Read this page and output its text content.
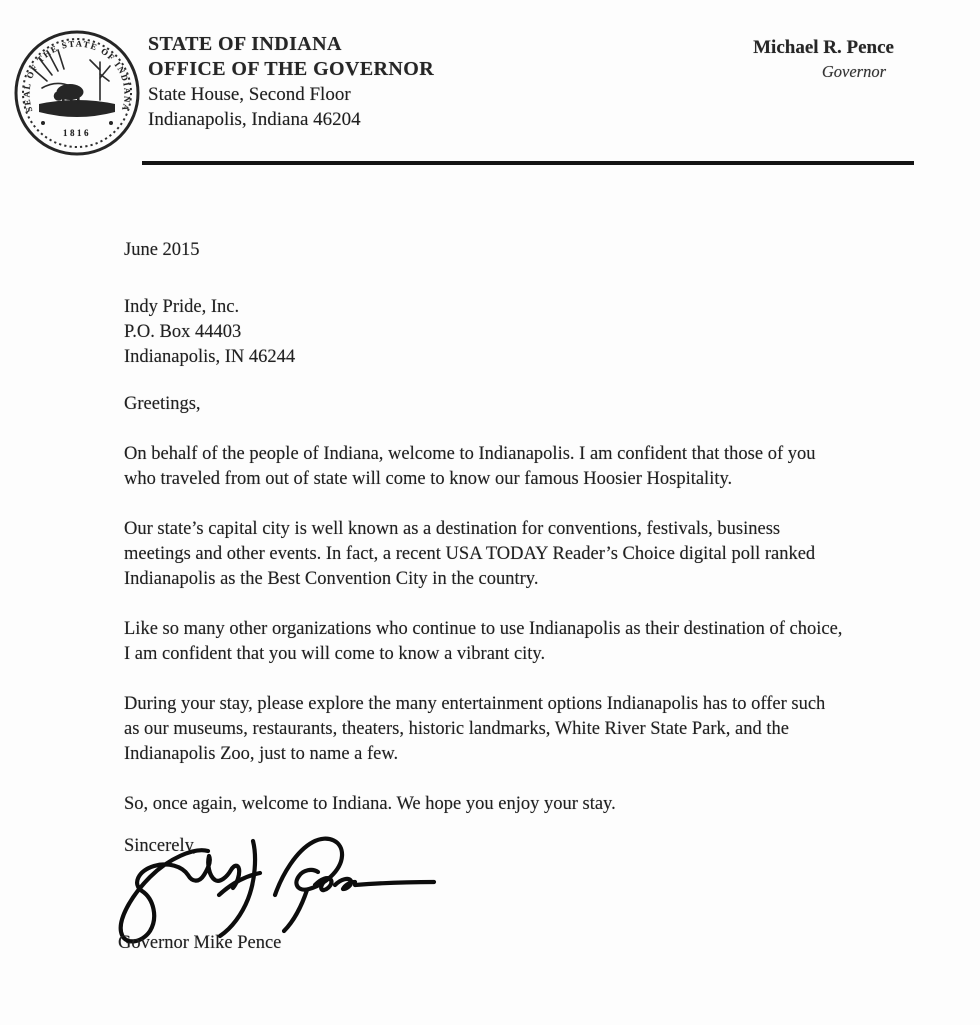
SEAL OF THE STATE OF INDIANA
1816
STATE OF INDIANA
OFFICE OF THE GOVERNOR
State House, Second Floor
Indianapolis, Indiana 46204
Michael R. Pence
Governor
June 2015
Indy Pride, Inc.
P.O. Box 44403
Indianapolis, IN 46244
Greetings,
On behalf of the people of Indiana, welcome to Indianapolis. I am confident that those of you
who traveled from out of state will come to know our famous Hoosier Hospitality.
Our state’s capital city is well known as a destination for conventions, festivals, business
meetings and other events. In fact, a recent USA TODAY Reader’s Choice digital poll ranked
Indianapolis as the Best Convention City in the country.
Like so many other organizations who continue to use Indianapolis as their destination of choice,
I am confident that you will come to know a vibrant city.
During your stay, please explore the many entertainment options Indianapolis has to offer such
as our museums, restaurants, theaters, historic landmarks, White River State Park, and the
Indianapolis Zoo, just to name a few.
So, once again, welcome to Indiana. We hope you enjoy your stay.
Sincerely,
Governor Mike Pence
